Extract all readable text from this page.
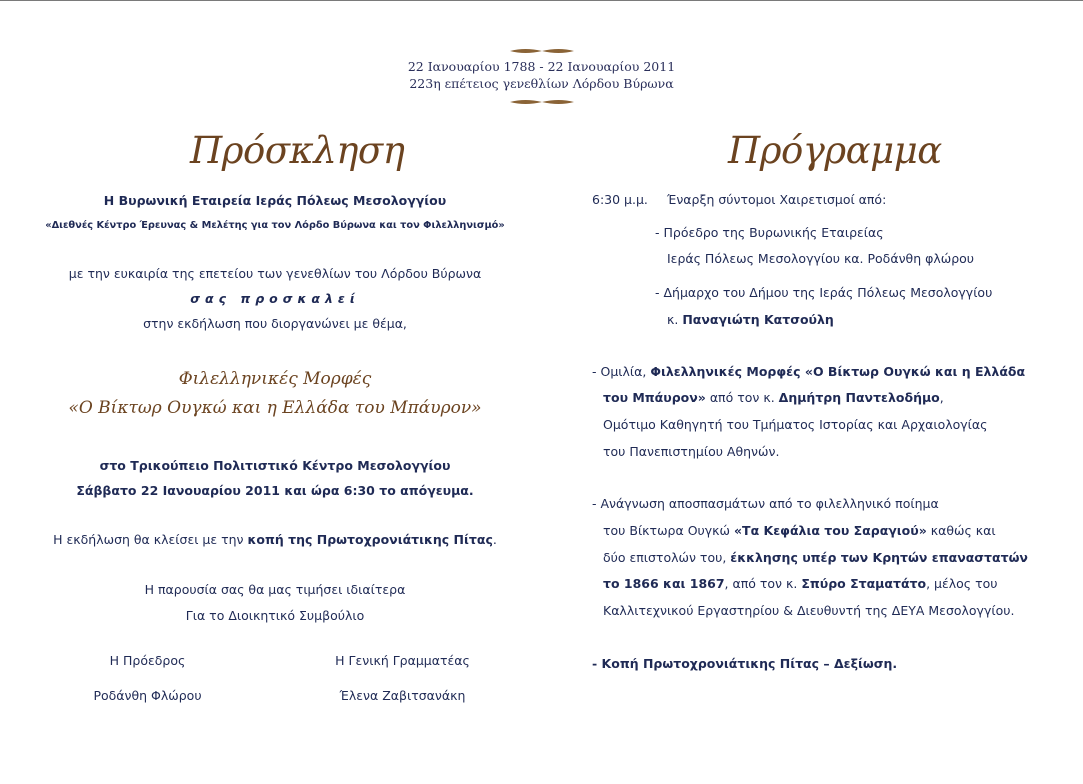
22 Ιανουαρίου 1788 - 22 Ιανουαρίου 2011
223η επέτειος γενεθλίων Λόρδου Βύρωνα
Πρόσκληση
Η Βυρωνική Εταιρεία Ιεράς Πόλεως Μεσολογγίου
«Διεθνές Κέντρο Έρευνας & Μελέτης για τον Λόρδο Βύρωνα και τον Φιλελληνισμό»
με την ευκαιρία της επετείου των γενεθλίων του Λόρδου Βύρωνα
σας προσκαλεί
στην εκδήλωση που διοργανώνει με θέμα,
Φιλελληνικές Μορφές
«Ο Βίκτωρ Ουγκώ και η Ελλάδα του Μπάυρον»
στο Τρικούπειο Πολιτιστικό Κέντρο Μεσολογγίου
Σάββατο 22 Ιανουαρίου 2011 και ώρα 6:30 το απόγευμα.
Η εκδήλωση θα κλείσει με την κοπή της Πρωτοχρονιάτικης Πίτας.
Η παρουσία σας θα μας τιμήσει ιδιαίτερα
Για το Διοικητικό Συμβούλιο
Η Πρόεδρος
Ροδάνθη Φλώρου
Η Γενική Γραμματέας
Έλενα Ζαβιτσανάκη
Πρόγραμμα
6:30 μ.μ. Έναρξη σύντομοι Χαιρετισμοί από:
- Πρόεδρο της Βυρωνικής Εταιρείας
Ιεράς Πόλεως Μεσολογγίου κα. Ροδάνθη φλώρου
- Δήμαρχο του Δήμου της Ιεράς Πόλεως Μεσολογγίου
κ. Παναγιώτη Κατσούλη
- Ομιλία, Φιλελληνικές Μορφές «Ο Βίκτωρ Ουγκώ και η Ελλάδα
του Μπάυρον» από τον κ. Δημήτρη Παντελοδήμο,
Ομότιμο Καθηγητή του Τμήματος Ιστορίας και Αρχαιολογίας
του Πανεπιστημίου Αθηνών.
- Ανάγνωση αποσπασμάτων από το φιλελληνικό ποίημα
του Βίκτωρα Ουγκώ «Τα Κεφάλια του Σαραγιού» καθώς και
δύο επιστολών του, έκκλησης υπέρ των Κρητών επαναστατών
το 1866 και 1867, από τον κ. Σπύρο Σταματάτο, μέλος του
Καλλιτεχνικού Εργαστηρίου & Διευθυντή της ΔΕΥΑ Μεσολογγίου.
- Κοπή Πρωτοχρονιάτικης Πίτας – Δεξίωση.
